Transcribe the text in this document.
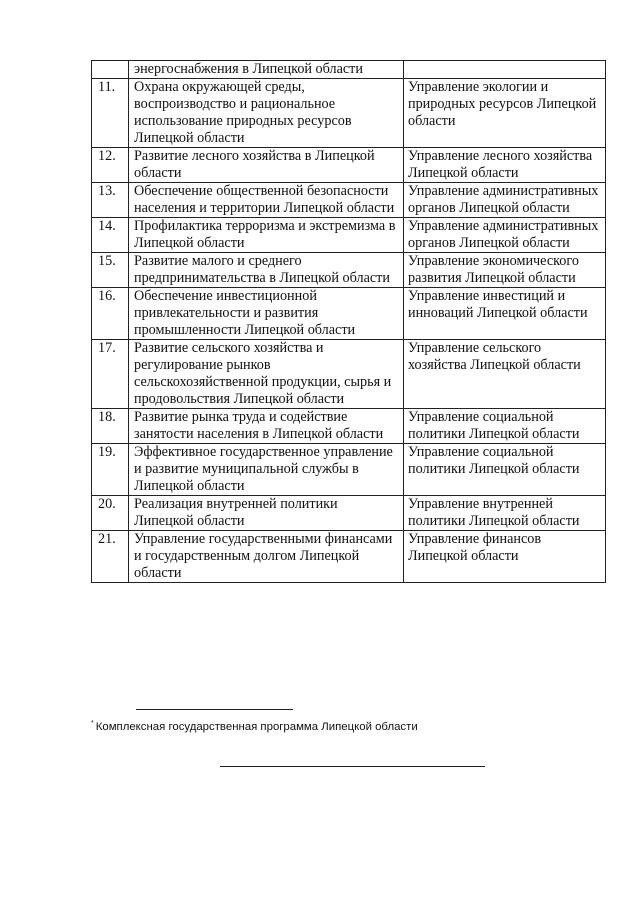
	энергоснабжения в Липецкой области	
11.	Охрана окружающей среды, воспроизводство и рациональное использование природных ресурсов Липецкой области	Управление экологии и природных ресурсов Липецкой области
12.	Развитие лесного хозяйства в Липецкой области	Управление лесного хозяйства Липецкой области
13.	Обеспечение общественной безопасности населения и территории Липецкой области	Управление административных органов Липецкой области
14.	Профилактика терроризма и экстремизма в Липецкой области	Управление административных органов Липецкой области
15.	Развитие малого и среднего предпринимательства в Липецкой области	Управление экономического развития Липецкой области
16.	Обеспечение инвестиционной привлекательности и развития промышленности Липецкой области	Управление инвестиций и инноваций Липецкой области
17.	Развитие сельского хозяйства и регулирование рынков сельскохозяйственной продукции, сырья и продовольствия Липецкой области	Управление сельского хозяйства Липецкой области
18.	Развитие рынка труда и содействие занятости населения в Липецкой области	Управление социальной политики Липецкой области
19.	Эффективное государственное управление и развитие муниципальной службы в Липецкой области	Управление социальной политики Липецкой области
20.	Реализация внутренней политики Липецкой области	Управление внутренней политики Липецкой области
21.	Управление государственными финансами и государственным долгом Липецкой области	Управление финансов Липецкой области
* Комплексная государственная программа Липецкой области
